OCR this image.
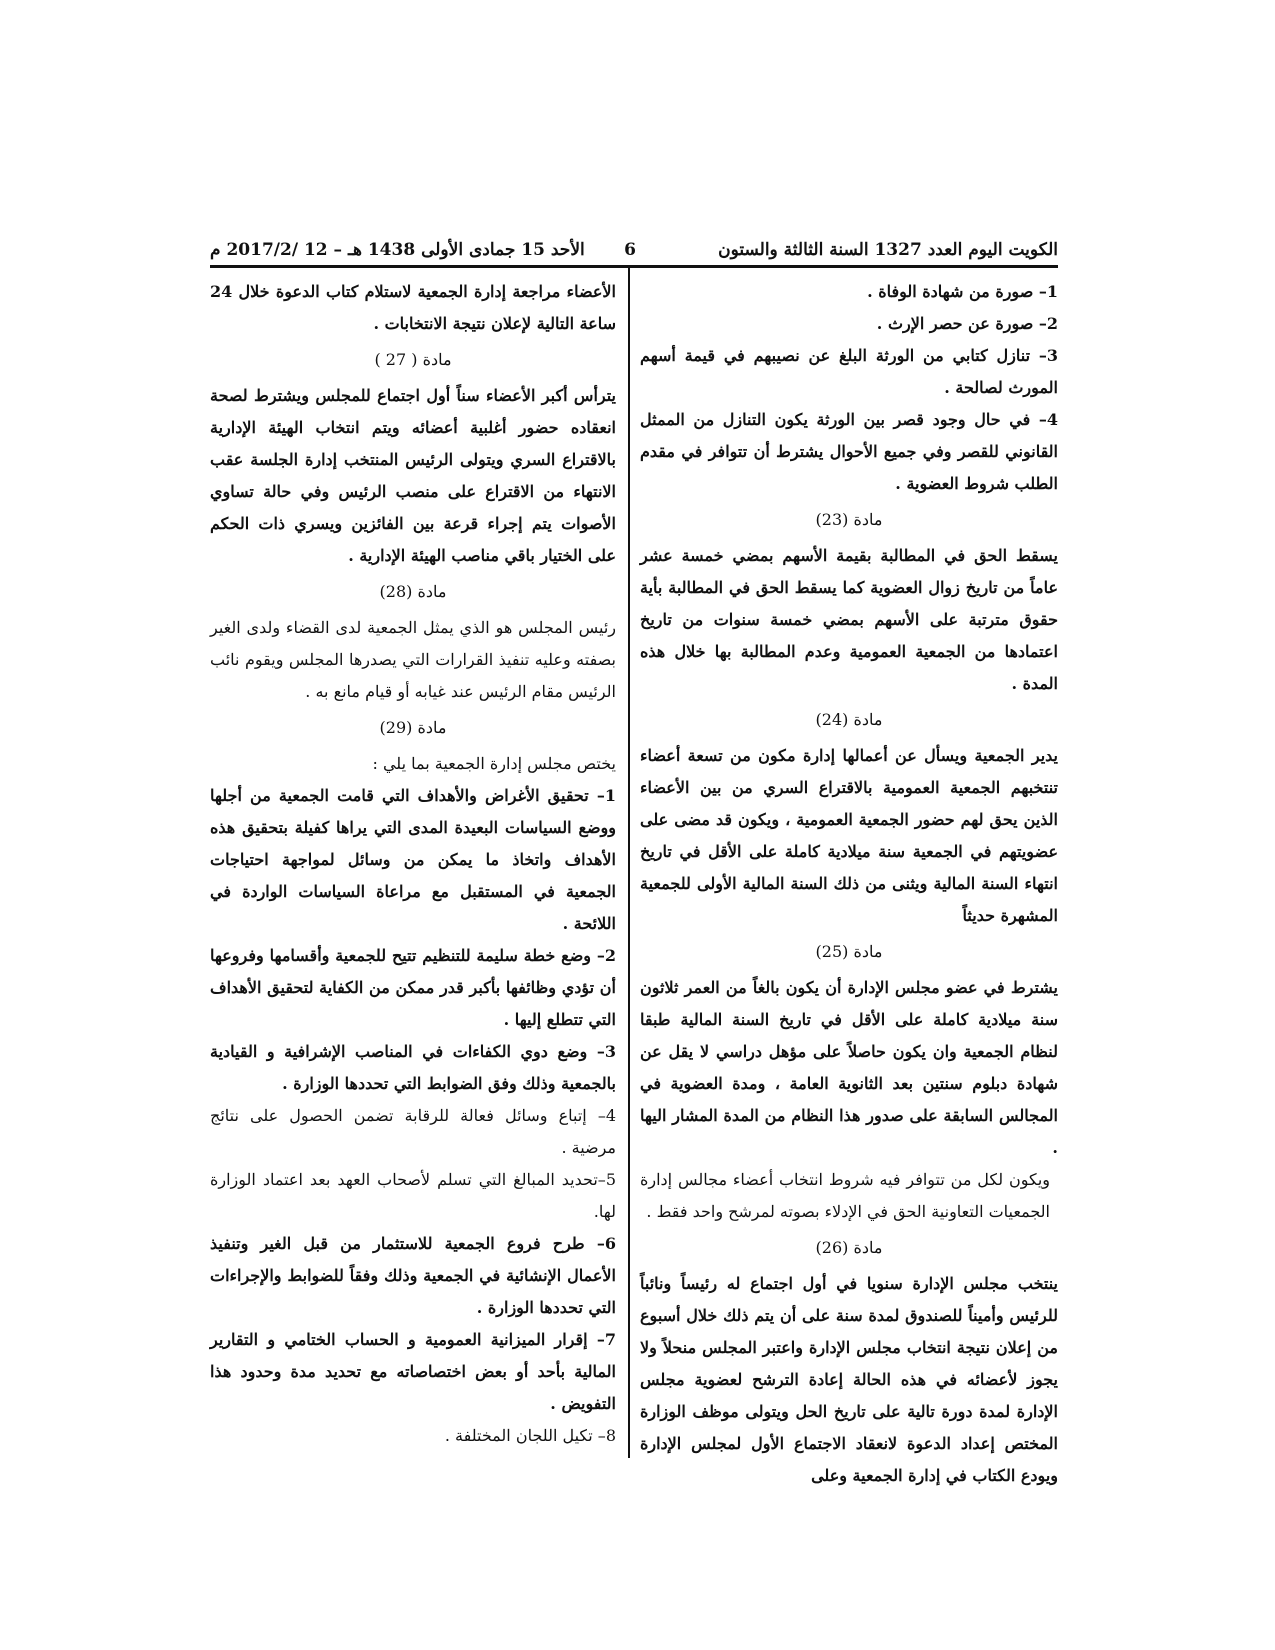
الكويت اليوم العدد 1327 السنة الثالثة والستون
6
الأحد 15 جمادى الأولى 1438 هـ – 12 /2017/2 م

1– صورة من شهادة الوفاة .

2– صورة عن حصر الإرث .

3– تنازل كتابي من الورثة البلغ عن نصيبهم في قيمة أسهم المورث لصالحة .

4– في حال وجود قصر بين الورثة يكون التنازل من الممثل القانوني للقصر وفي جميع الأحوال يشترط أن تتوافر في مقدم الطلب شروط العضوية .

مادة (23)

يسقط الحق في المطالبة بقيمة الأسهم بمضي خمسة عشر عاماً من تاريخ زوال العضوية كما يسقط الحق في المطالبة بأية حقوق مترتبة على الأسهم بمضي خمسة سنوات من تاريخ اعتمادها من الجمعية العمومية وعدم المطالبة بها خلال هذه المدة .

مادة (24)

يدير الجمعية ويسأل عن أعمالها إدارة مكون من تسعة أعضاء تنتخبهم الجمعية العمومية بالاقتراع السري من بين الأعضاء الذين يحق لهم حضور الجمعية العمومية ، ويكون قد مضى على عضويتهم في الجمعية سنة ميلادية كاملة على الأقل في تاريخ انتهاء السنة المالية ويثنى من ذلك السنة المالية الأولى للجمعية المشهرة حديثاً

مادة (25)

يشترط في عضو مجلس الإدارة أن يكون بالغاً من العمر ثلاثون سنة ميلادية كاملة على الأقل في تاريخ السنة المالية طبقا لنظام الجمعية وان يكون حاصلاً على مؤهل دراسي لا يقل عن شهادة دبلوم سنتين بعد الثانوية العامة ، ومدة العضوية في المجالس السابقة على صدور هذا النظام من المدة المشار اليها .

ويكون لكل من تتوافر فيه شروط انتخاب أعضاء مجالس إدارة الجمعيات التعاونية الحق في الإدلاء بصوته لمرشح واحد فقط .

مادة (26)

ينتخب مجلس الإدارة سنويا في أول اجتماع له رئيساً ونائباً للرئيس وأميناً للصندوق لمدة سنة على أن يتم ذلك خلال أسبوع من إعلان نتيجة انتخاب مجلس الإدارة واعتبر المجلس منحلاً ولا يجوز لأعضائه في هذه الحالة إعادة الترشح لعضوية مجلس الإدارة لمدة دورة تالية على تاريخ الحل ويتولى موظف الوزارة المختص إعداد الدعوة لانعقاد الاجتماع الأول لمجلس الإدارة ويودع الكتاب في إدارة الجمعية وعلى

الأعضاء مراجعة إدارة الجمعية لاستلام كتاب الدعوة خلال 24 ساعة التالية لإعلان نتيجة الانتخابات .

مادة ( 27 )

يترأس أكبر الأعضاء سناً أول اجتماع للمجلس ويشترط لصحة انعقاده حضور أغلبية أعضائه ويتم انتخاب الهيئة الإدارية بالاقتراع السري ويتولى الرئيس المنتخب إدارة الجلسة عقب الانتهاء من الاقتراع على منصب الرئيس وفي حالة تساوي الأصوات يتم إجراء قرعة بين الفائزين ويسري ذات الحكم على الختيار باقي مناصب الهيئة الإدارية .

مادة (28)

رئيس المجلس هو الذي يمثل الجمعية لدى القضاء ولدى الغير بصفته وعليه تنفيذ القرارات التي يصدرها المجلس ويقوم نائب الرئيس مقام الرئيس عند غيابه أو قيام مانع به .

مادة (29)

يختص مجلس إدارة الجمعية بما يلي :

1– تحقيق الأغراض والأهداف التي قامت الجمعية من أجلها ووضع السياسات البعيدة المدى التي يراها كفيلة بتحقيق هذه الأهداف واتخاذ ما يمكن من وسائل لمواجهة احتياجات الجمعية في المستقبل مع مراعاة السياسات الواردة في اللائحة .

2– وضع خطة سليمة للتنظيم تتيح للجمعية وأقسامها وفروعها أن تؤدي وظائفها بأكبر قدر ممكن من الكفاية لتحقيق الأهداف التي تتطلع إليها .

3– وضع دوي الكفاءات في المناصب الإشرافية و القيادية بالجمعية وذلك وفق الضوابط التي تحددها الوزارة .

4– إتباع وسائل فعالة للرقابة تضمن الحصول على نتائج مرضية .

5–تحديد المبالغ التي تسلم لأصحاب العهد بعد اعتماد الوزارة لها.

6– طرح فروع الجمعية للاستثمار من قبل الغير وتنفيذ الأعمال الإنشائية في الجمعية وذلك وفقاً للضوابط والإجراءات التي تحددها الوزارة .

7– إقرار الميزانية العمومية و الحساب الختامي و التقارير المالية بأحد أو بعض اختصاصاته مع تحديد مدة وحدود هذا التفويض .

8– تكيل اللجان المختلفة .
